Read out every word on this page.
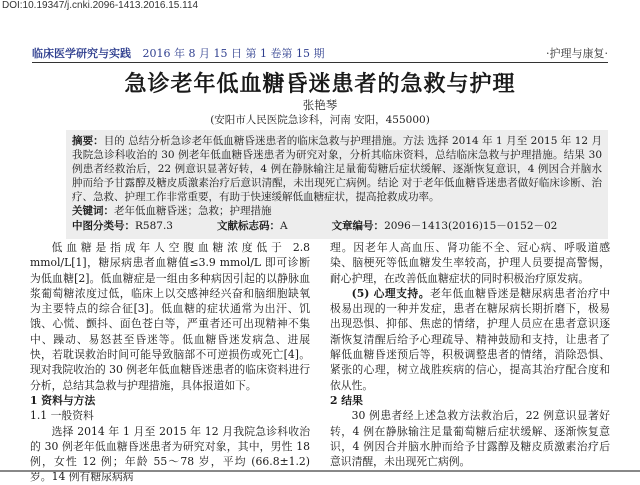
DOI:10.19347/j.cnki.2096-1413.2016.15.114
临床医学研究与实践 2016 年 8 月 15 日 第 1 卷第 15 期	·护理与康复·
急诊老年低血糖昏迷患者的急救与护理
张艳琴
(安阳市人民医院急诊科，河南 安阳，455000)

摘要：目的 总结分析急诊老年低血糖昏迷患者的临床急救与护理措施。方法 选择 2014 年 1 月至 2015 年 12 月我院急诊科收治的 30 例老年低血糖昏迷患者为研究对象，分析其临床资料，总结临床急救与护理措施。结果 30 例患者经救治后，22 例意识显著好转，4 例在静脉输注足量葡萄糖后症状缓解、逐渐恢复意识，4 例因合并脑水肿而给予甘露醇及糖皮质激素治疗后意识清醒，未出现死亡病例。结论 对于老年低血糖昏迷患者做好临床诊断、治疗、急救、护理工作非常重要，有助于快速缓解低血糖症状，提高抢救成功率。

关键词：老年低血糖昏迷；急救；护理措施

中图分类号：R587.3	文献标志码：A	文章编号：2096－1413(2016)15－0152－02

低血糖是指成年人空腹血糖浓度低于 2.8 mmol/L[1]，糖尿病患者血糖值≤3.9 mmol/L 即可诊断为低血糖[2]。低血糖症是一组由多种病因引起的以静脉血浆葡萄糖浓度过低，临床上以交感神经兴奋和脑细胞缺氧为主要特点的综合征[3]。低血糖的症状通常为出汗、饥饿、心慌、颤抖、面色苍白等，严重者还可出现精神不集中、躁动、易怒甚至昏迷等。低血糖昏迷发病急、进展快，若耽误救治时间可能导致脑部不可逆损伤或死亡[4]。现对我院收治的 30 例老年低血糖昏迷患者的临床资料进行分析，总结其急救与护理措施，具体报道如下。

1 资料与方法

1.1 一般资料

选择 2014 年 1 月至 2015 年 12 月我院急诊科收治的 30 例老年低血糖昏迷患者为研究对象，其中，男性 18 例，女性 12 例；年龄 55～78 岁，平均 (66.8±1.2) 岁。14 例有糖尿病病

理。因老年人高血压、肾功能不全、冠心病、呼吸道感染、脑梗死等低血糖发生率较高，护理人员要提高警惕，耐心护理，在改善低血糖症状的同时积极治疗原发病。

(5) 心理支持。老年低血糖昏迷是糖尿病患者治疗中极易出现的一种并发症，患者在糖尿病长期折磨下，极易出现恐惧、抑郁、焦虑的情绪，护理人员应在患者意识逐渐恢复清醒后给予心理疏导、精神鼓励和支持，让患者了解低血糖昏迷预后等，积极调整患者的情绪，消除恐惧、紧张的心理，树立战胜疾病的信心，提高其治疗配合度和依从性。

2 结果

30 例患者经上述急救方法救治后，22 例意识显著好转，4 例在静脉输注足量葡萄糖后症状缓解、逐渐恢复意识，4 例因合并脑水肿而给予甘露醇及糖皮质激素治疗后意识清醒，未出现死亡病例。
